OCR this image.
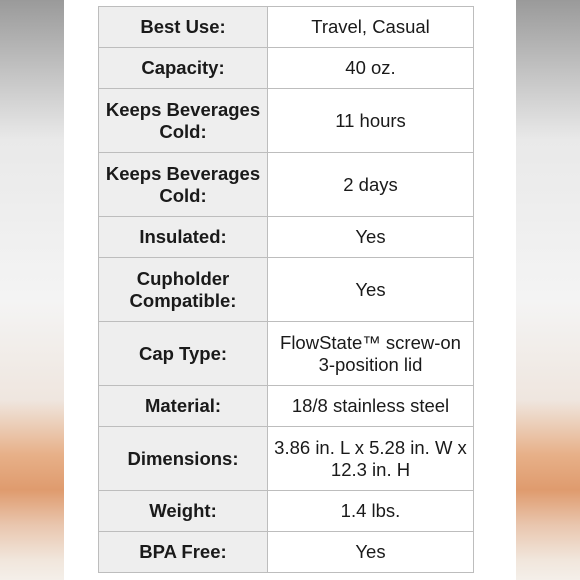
Best Use:	Travel, Casual
Capacity:	40 oz.
Keeps Beverages Cold:	11 hours
Keeps Beverages Cold:	2 days
Insulated:	Yes
Cupholder Compatible:	Yes
Cap Type:	FlowState™ screw-on 3-position lid
Material:	18/8 stainless steel
Dimensions:	3.86 in. L x 5.28 in. W x 12.3 in. H
Weight:	1.4 lbs.
BPA Free:	Yes
